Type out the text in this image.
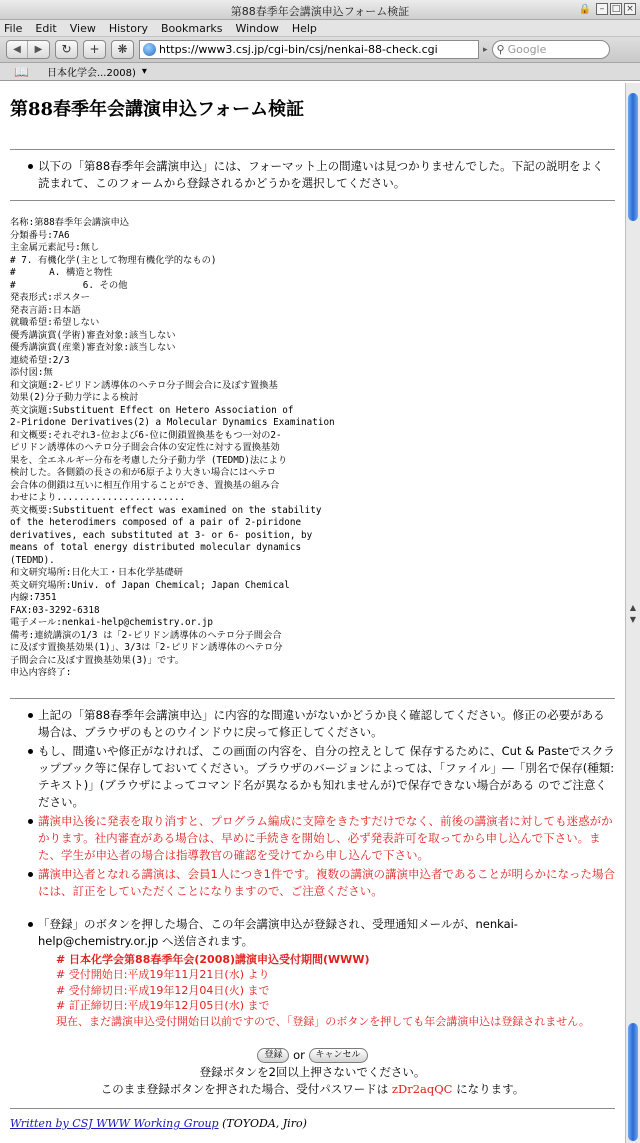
第88春季年会講演申込フォーム検証	🔒 – □ ×
File Edit View History Bookmarks Window Help
◀	▶	↻	+	❋	https://www3.csj.jp/cgi-bin/csj/nenkai-88-check.cgi	▸ ⚲ Google
📖 日本化学会...2008) ▾
第88春季年会講演申込フォーム検証
以下の「第88春季年会講演申込」には、フォーマット上の間違いは見つかりませんでした。下記の説明をよく読まれて、このフォームから登録されるかどうかを選択してください。
名称:第88春季年会講演申込
分類番号:7A6
主金属元素記号:無し
# 7. 有機化学(主として物理有機化学的なもの)
#      A. 構造と物性
#            6. その他
発表形式:ポスター
発表言語:日本語
就職希望:希望しない
優秀講演賞(学術)審査対象:該当しない
優秀講演賞(産業)審査対象:該当しない
連続希望:2/3
添付図:無
和文演題:2-ピリドン誘導体のヘテロ分子間会合に及ぼす置換基
効果(2)分子動力学による検討
英文演題:Substituent Effect on Hetero Association of
2-Piridone Derivatives(2) a Molecular Dynamics Examination
和文概要:それぞれ3-位および6-位に側鎖置換基をもつ一対の2-
ピリドン誘導体のヘテロ分子間会合体の安定性に対する置換基効
果を、全エネルギー分布を考慮した分子動力学 (TEDMD)法により
検討した。各側鎖の長さの和が6原子より大きい場合にはヘテロ
会合体の側鎖は互いに相互作用することができ、置換基の組み合
わせにより.......................
英文概要:Substituent effect was examined on the stability
of the heterodimers composed of a pair of 2-piridone
derivatives, each substituted at 3- or 6- position, by
means of total energy distributed molecular dynamics
(TEDMD).
和文研究場所:日化大工・日本化学基礎研
英文研究場所:Univ. of Japan Chemical; Japan Chemical
内線:7351
FAX:03-3292-6318
電子メール:nenkai-help@chemistry.or.jp
備考:連続講演の1/3 は「2-ピリドン誘導体のヘテロ分子間会合
に及ぼす置換基効果(1)」、3/3は「2-ピリドン誘導体のヘテロ分
子間会合に及ぼす置換基効果(3)」です。
申込内容終了:
上記の「第88春季年会講演申込」に内容的な間違いがないかどうか良く確認してください。修正の必要がある場合は、ブラウザのもとのウインドウに戻って修正してください。
もし、間違いや修正がなければ、この画面の内容を、自分の控えとして 保存するために、Cut & Pasteでスクラップブック等に保存しておいてください。ブラウザのバージョンによっては、「ファイル」―「別名で保存(種類:テキスト)」(ブラウザによってコマンド名が異なるかも知れませんが)で保存できない場合がある のでご注意ください。
講演申込後に発表を取り消すと、プログラム編成に支障をきたすだけでなく、前後の講演者に対しても迷惑がかかります。社内審査がある場合は、早めに手続きを開始し、必ず発表許可を取ってから申し込んで下さい。また、学生が申込者の場合は指導教官の確認を受けてから申し込んで下さい。
講演申込者となれる講演は、会員1人につき1件です。複数の講演の講演申込者であることが明らかになった場合には、訂正をしていただくことになりますので、ご注意ください。
「登録」のボタンを押した場合、この年会講演申込が登録され、受理通知メールが、nenkai-help@chemistry.or.jp へ送信されます。
# 日本化学会第88春季年会(2008)講演申込受付期間(WWW)
# 受付開始日:平成19年11月21日(水) より
# 受付締切日:平成19年12月04日(火) まで
# 訂正締切日:平成19年12月05日(水) まで
現在、まだ講演申込受付開始日以前ですので、「登録」のボタンを押しても年会講演申込は登録されません。
登録 or キャンセル
登録ボタンを2回以上押さないでください。
このまま登録ボタンを押された場合、受付パスワードは zDr2aqQC になります。
Written by CSJ WWW Working Group (TOYODA, Jiro)
▲
▼
